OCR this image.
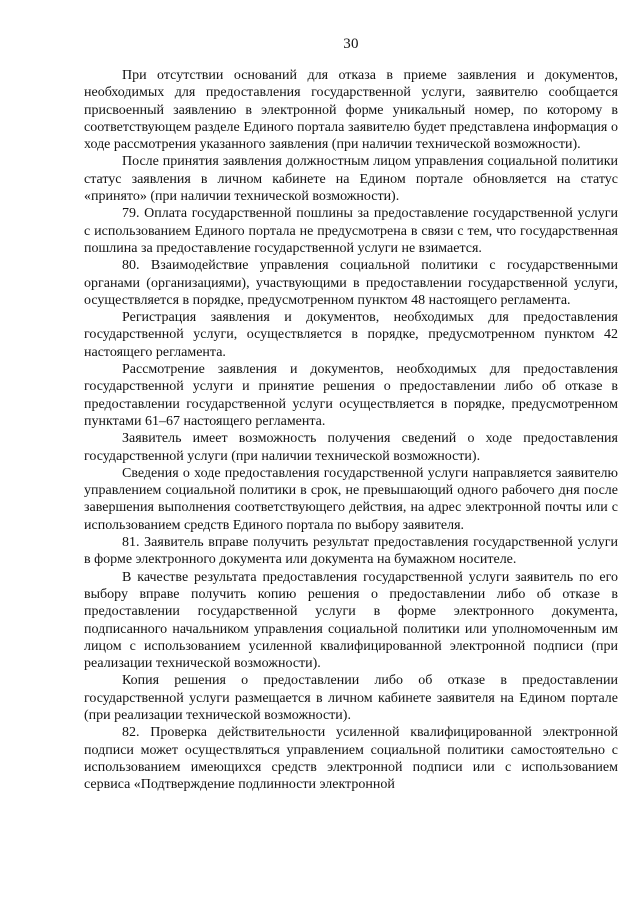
30

При отсутствии оснований для отказа в приеме заявления и документов, необходимых для предоставления государственной услуги, заявителю сообщается присвоенный заявлению в электронной форме уникальный номер, по которому в соответствующем разделе Единого портала заявителю будет представлена информация о ходе рассмотрения указанного заявления (при наличии технической возможности).

После принятия заявления должностным лицом управления социальной политики статус заявления в личном кабинете на Едином портале обновляется на статус «принято» (при наличии технической возможности).

79. Оплата государственной пошлины за предоставление государственной услуги с использованием Единого портала не предусмотрена в связи с тем, что государственная пошлина за предоставление государственной услуги не взимается.

80. Взаимодействие управления социальной политики с государственными органами (организациями), участвующими в предоставлении государственной услуги, осуществляется в порядке, предусмотренном пунктом 48 настоящего регламента.

Регистрация заявления и документов, необходимых для предоставления государственной услуги, осуществляется в порядке, предусмотренном пунктом 42 настоящего регламента.

Рассмотрение заявления и документов, необходимых для предоставления государственной услуги и принятие решения о предоставлении либо об отказе в предоставлении государственной услуги осуществляется в порядке, предусмотренном пунктами 61–67 настоящего регламента.

Заявитель имеет возможность получения сведений о ходе предоставления государственной услуги (при наличии технической возможности).

Сведения о ходе предоставления государственной услуги направляется заявителю управлением социальной политики в срок, не превышающий одного рабочего дня после завершения выполнения соответствующего действия, на адрес электронной почты или с использованием средств Единого портала по выбору заявителя.

81. Заявитель вправе получить результат предоставления государственной услуги в форме электронного документа или документа на бумажном носителе.

В качестве результата предоставления государственной услуги заявитель по его выбору вправе получить копию решения о предоставлении либо об отказе в предоставлении государственной услуги в форме электронного документа, подписанного начальником управления социальной политики или уполномоченным им лицом с использованием усиленной квалифицированной электронной подписи (при реализации технической возможности).

Копия решения о предоставлении либо об отказе в предоставлении государственной услуги размещается в личном кабинете заявителя на Едином портале (при реализации технической возможности).

82. Проверка действительности усиленной квалифицированной электронной подписи может осуществляться управлением социальной политики самостоятельно с использованием имеющихся средств электронной подписи или с использованием сервиса «Подтверждение подлинности электронной
